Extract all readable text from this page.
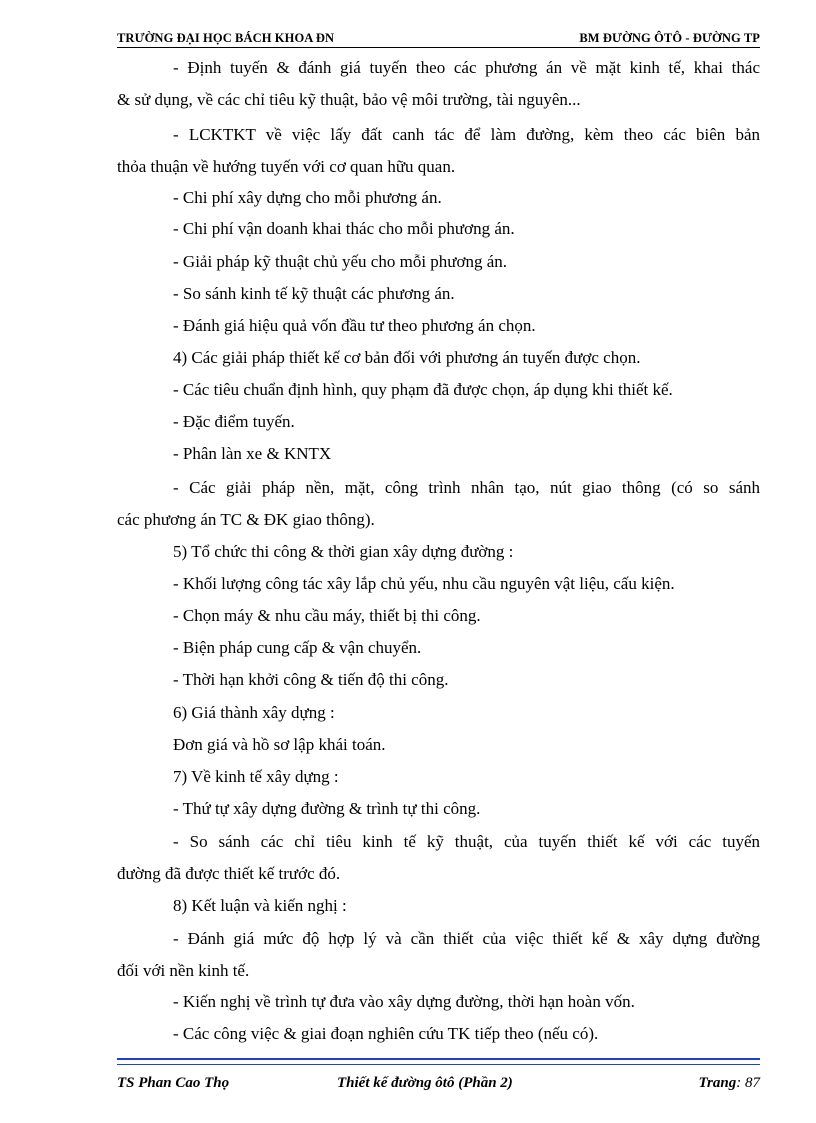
TRƯỜNG ĐẠI HỌC BÁCH KHOA ĐN	BM ĐƯỜNG ÔTÔ - ĐƯỜNG TP
- Định tuyến & đánh giá tuyến theo các phương án về mặt kinh tế, khai thác
& sử dụng, về các chỉ tiêu kỹ thuật, bảo vệ môi trường, tài nguyên...
- LCKTKT về việc lấy đất canh tác để làm đường, kèm theo các biên bản
thỏa thuận về hướng tuyến với cơ quan hữu quan.
- Chi phí xây dựng cho mỗi phương án.
- Chi phí vận doanh khai thác cho mỗi phương án.
- Giải pháp kỹ thuật chủ yếu cho mỗi phương án.
- So sánh kinh tế kỹ thuật các phương án.
- Đánh giá hiệu quả vốn đầu tư theo phương án chọn.
4) Các giải pháp thiết kế cơ bản đối với phương án tuyến được chọn.
- Các tiêu chuẩn định hình, quy phạm đã được chọn, áp dụng khi thiết kế.
- Đặc điểm tuyến.
- Phân làn xe & KNTX
- Các giải pháp nền, mặt, công trình nhân tạo, nút giao thông (có so sánh
các phương án TC & ĐK giao thông).
5) Tổ chức thi công & thời gian xây dựng đường :
- Khối lượng công tác xây lắp chủ yếu, nhu cầu nguyên vật liệu, cấu kiện.
- Chọn máy & nhu cầu máy, thiết bị thi công.
- Biện pháp cung cấp & vận chuyển.
- Thời hạn khởi công & tiến độ thi công.
6) Giá thành xây dựng :
Đơn giá và hồ sơ lập khái toán.
7) Về kinh tế xây dựng :
- Thứ tự xây dựng đường & trình tự thi công.
- So sánh các chỉ tiêu kinh tế kỹ thuật, của tuyến thiết kế với các tuyến
đường đã được thiết kế trước đó.
8) Kết luận và kiến nghị :
- Đánh giá mức độ hợp lý và cần thiết của việc thiết kế & xây dựng đường
đối với nền kinh tế.
- Kiến nghị về trình tự đưa vào xây dựng đường, thời hạn hoàn vốn.
- Các công việc & giai đoạn nghiên cứu TK tiếp theo (nếu có).
TS Phan Cao Thọ	Thiết kế đường ôtô (Phần 2)	Trang: 87
